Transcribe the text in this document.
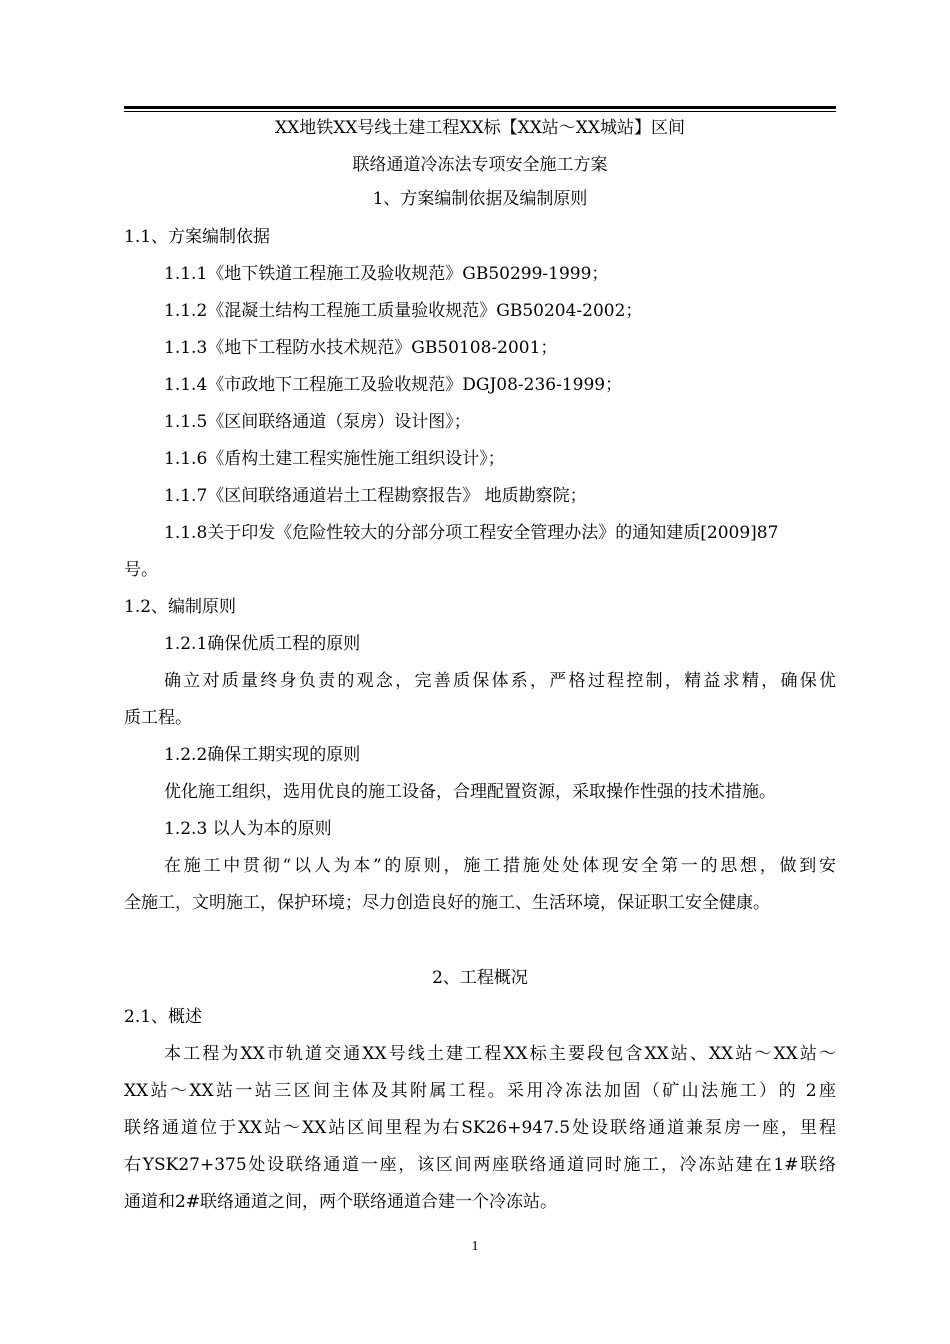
XX地铁XX号线土建工程XX标【XX站～XX城站】区间
联络通道冷冻法专项安全施工方案
1、方案编制依据及编制原则
1.1、方案编制依据
1.1.1《地下铁道工程施工及验收规范》GB50299-1999；
1.1.2《混凝土结构工程施工质量验收规范》GB50204-2002；
1.1.3《地下工程防水技术规范》GB50108-2001；
1.1.4《市政地下工程施工及验收规范》DGJ08-236-1999；
1.1.5《区间联络通道（泵房）设计图》；
1.1.6《盾构土建工程实施性施工组织设计》；
1.1.7《区间联络通道岩土工程勘察报告》 地质勘察院；
1.1.8关于印发《危险性较大的分部分项工程安全管理办法》的通知建质[2009]87
号。
1.2、编制原则
1.2.1确保优质工程的原则
确立对质量终身负责的观念，完善质保体系，严格过程控制，精益求精，确保优
质工程。
1.2.2确保工期实现的原则
优化施工组织，选用优良的施工设备，合理配置资源，采取操作性强的技术措施。
1.2.3 以人为本的原则
在施工中贯彻“以人为本”的原则，施工措施处处体现安全第一的思想，做到安
全施工，文明施工，保护环境；尽力创造良好的施工、生活环境，保证职工安全健康。
2、工程概况
2.1、概述
本工程为XX市轨道交通XX号线土建工程XX标主要段包含XX站、XX站～XX站～
XX站～XX站一站三区间主体及其附属工程。采用冷冻法加固（矿山法施工）的 2座
联络通道位于XX站～XX站区间里程为右SK26+947.5处设联络通道兼泵房一座，里程
右YSK27+375处设联络通道一座，该区间两座联络通道同时施工，冷冻站建在1#联络
通道和2#联络通道之间，两个联络通道合建一个冷冻站。
1
